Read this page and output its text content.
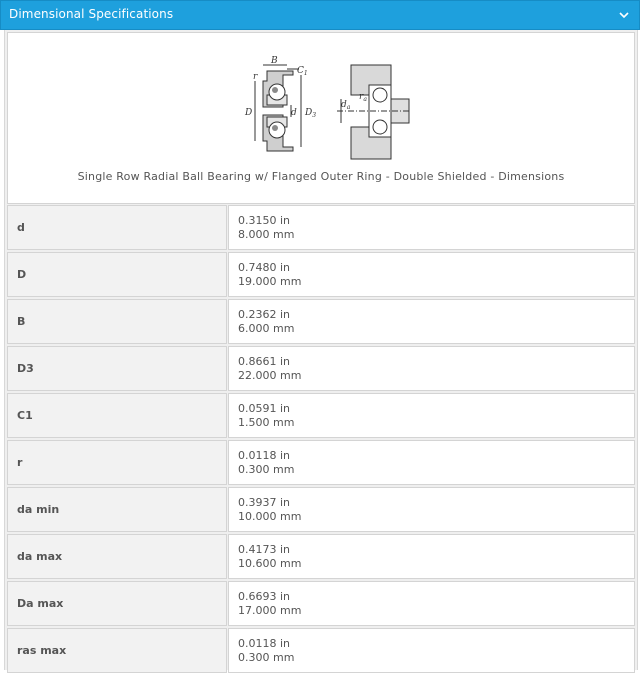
Dimensional Specifications
B
$C_1$
r
D	d $D_3$
$r_a$
$d_a$
Single Row Radial Ball Bearing w/ Flanged Outer Ring - Double Shielded - Dimensions
d
0.3150 in
8.000 mm
D
0.7480 in
19.000 mm
B
0.2362 in
6.000 mm
D3
0.8661 in
22.000 mm
C1
0.0591 in
1.500 mm
r
0.0118 in
0.300 mm
da min
0.3937 in
10.000 mm
da max
0.4173 in
10.600 mm
Da max
0.6693 in
17.000 mm
ras max
0.0118 in
0.300 mm
